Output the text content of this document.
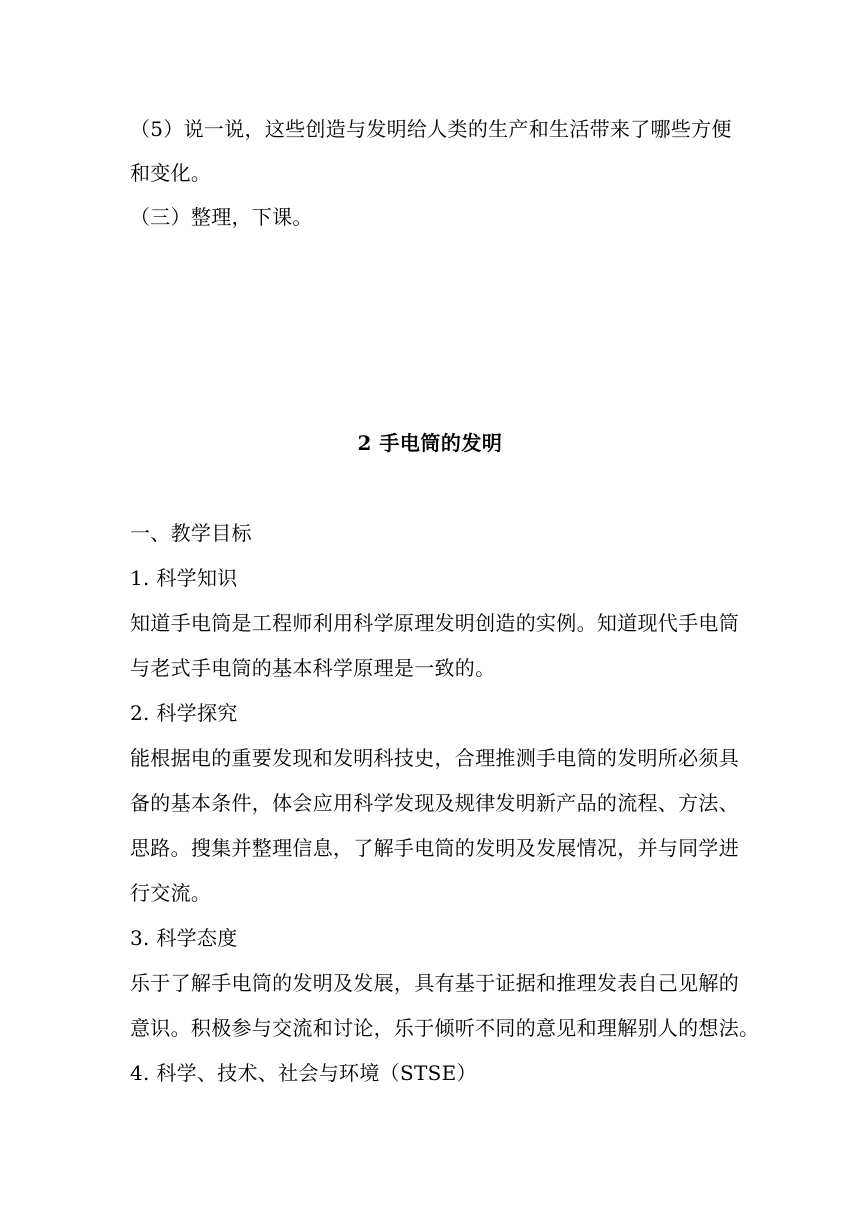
（5）说一说，这些创造与发明给人类的生产和生活带来了哪些方便
和变化。
（三）整理，下课。
2 手电筒的发明
一、教学目标
1. 科学知识
知道手电筒是工程师利用科学原理发明创造的实例。知道现代手电筒
与老式手电筒的基本科学原理是一致的。
2. 科学探究
能根据电的重要发现和发明科技史，合理推测手电筒的发明所必须具
备的基本条件，体会应用科学发现及规律发明新产品的流程、方法、
思路。搜集并整理信息，了解手电筒的发明及发展情况，并与同学进
行交流。
3. 科学态度
乐于了解手电筒的发明及发展，具有基于证据和推理发表自己见解的
意识。积极参与交流和讨论，乐于倾听不同的意见和理解别人的想法。
4. 科学、技术、社会与环境（STSE）
